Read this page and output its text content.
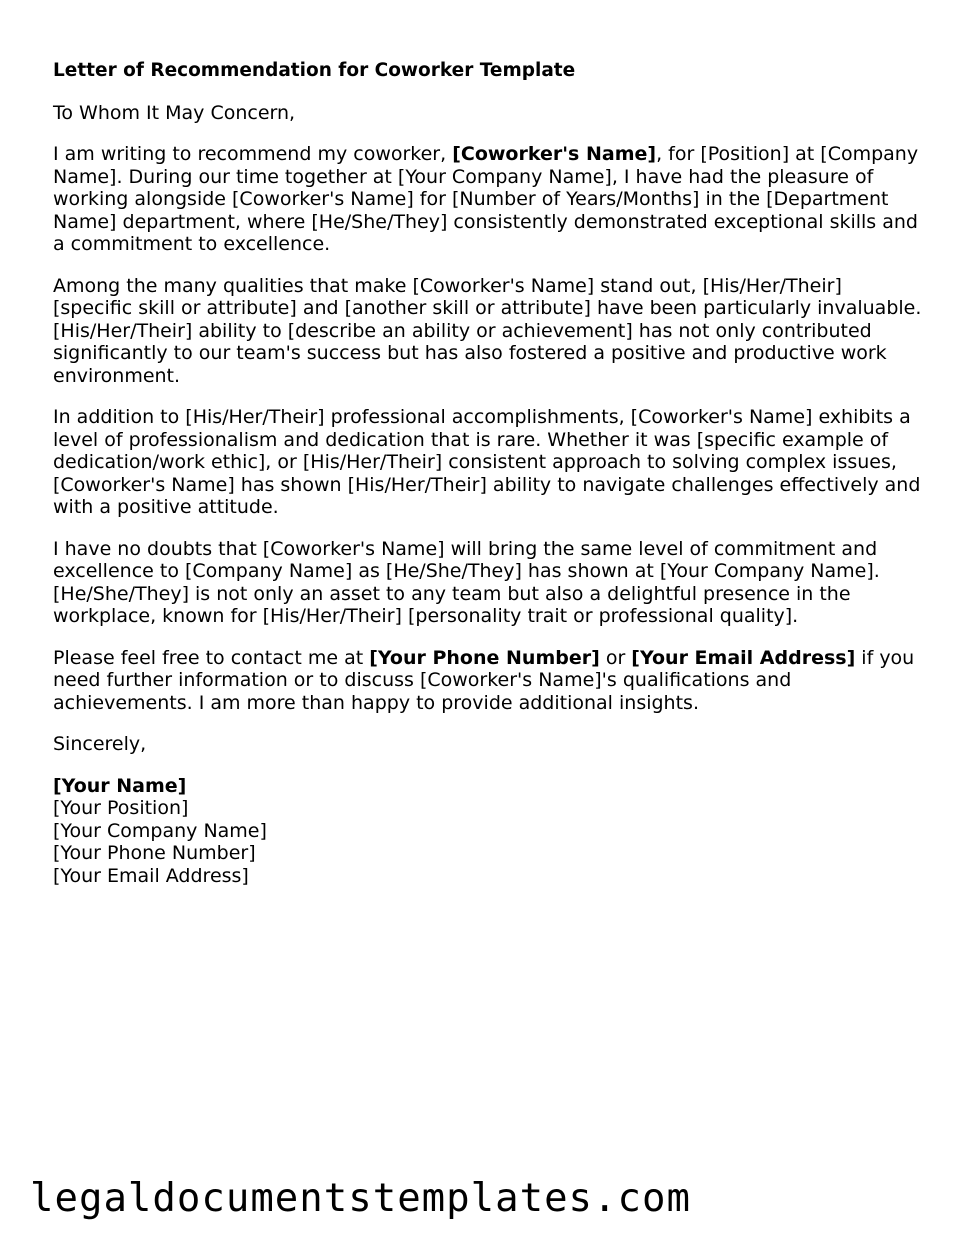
Letter of Recommendation for Coworker Template

To Whom It May Concern,

I am writing to recommend my coworker, [Coworker's Name], for [Position] at [Company Name]. During our time together at [Your Company Name], I have had the pleasure of working alongside [Coworker's Name] for [Number of Years/Months] in the [Department Name] department, where [He/She/They] consistently demonstrated exceptional skills and a commitment to excellence.

Among the many qualities that make [Coworker's Name] stand out, [His/Her/Their] [specific skill or attribute] and [another skill or attribute] have been particularly invaluable. [His/Her/Their] ability to [describe an ability or achievement] has not only contributed significantly to our team's success but has also fostered a positive and productive work environment.

In addition to [His/Her/Their] professional accomplishments, [Coworker's Name] exhibits a level of professionalism and dedication that is rare. Whether it was [specific example of dedication/work ethic], or [His/Her/Their] consistent approach to solving complex issues, [Coworker's Name] has shown [His/Her/Their] ability to navigate challenges effectively and with a positive attitude.

I have no doubts that [Coworker's Name] will bring the same level of commitment and excellence to [Company Name] as [He/She/They] has shown at [Your Company Name]. [He/She/They] is not only an asset to any team but also a delightful presence in the workplace, known for [His/Her/Their] [personality trait or professional quality].

Please feel free to contact me at [Your Phone Number] or [Your Email Address] if you need further information or to discuss [Coworker's Name]'s qualifications and achievements. I am more than happy to provide additional insights.

Sincerely,

[Your Name]

[Your Position]

[Your Company Name]

[Your Phone Number]

[Your Email Address]

legaldocumentstemplates.com
